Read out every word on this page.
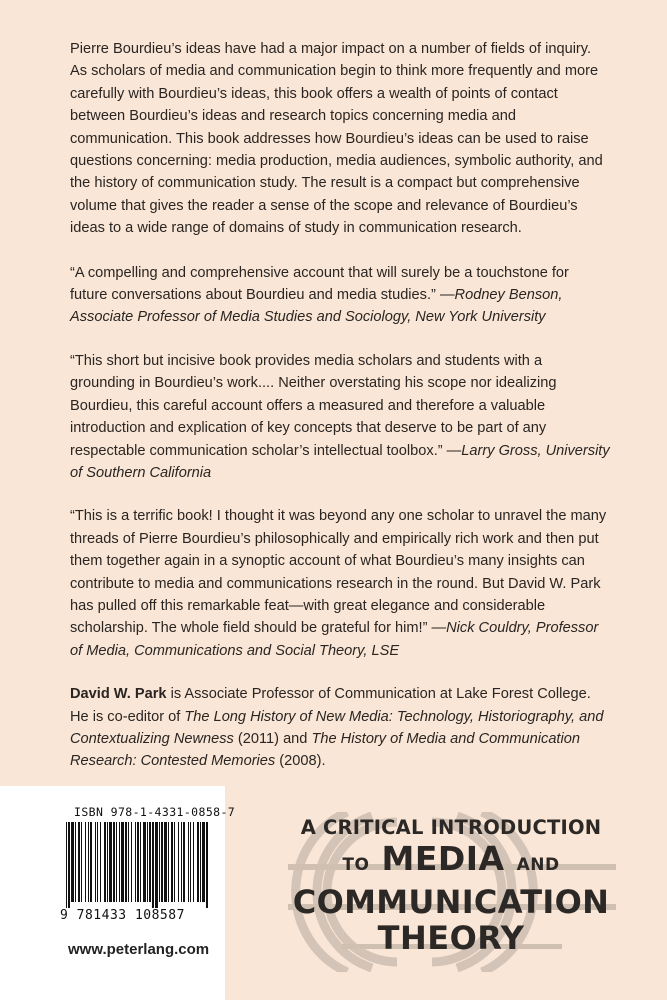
Pierre Bourdieu’s ideas have had a major impact on a number of fields of inquiry. As scholars of media and communication begin to think more frequently and more carefully with Bourdieu’s ideas, this book offers a wealth of points of contact between Bourdieu’s ideas and research topics concerning media and communication. This book addresses how Bourdieu’s ideas can be used to raise questions concerning: media production, media audiences, symbolic authority, and the history of communication study. The result is a compact but comprehensive volume that gives the reader a sense of the scope and relevance of Bourdieu’s ideas to a wide range of domains of study in communication research.

“A compelling and comprehensive account that will surely be a touchstone for future conversations about Bourdieu and media studies.” —Rodney Benson, Associate Professor of Media Studies and Sociology, New York University

“This short but incisive book provides media scholars and students with a grounding in Bourdieu’s work.... Neither overstating his scope nor idealizing Bourdieu, this careful account offers a measured and therefore a valuable introduction and explication of key concepts that deserve to be part of any respectable communication scholar’s intellectual toolbox.” —Larry Gross, University of Southern California

“This is a terrific book! I thought it was beyond any one scholar to unravel the many threads of Pierre Bourdieu’s philosophically and empirically rich work and then put them together again in a synoptic account of what Bourdieu’s many insights can contribute to media and communications research in the round. But David W. Park has pulled off this remarkable feat—with great elegance and considerable scholarship. The whole field should be grateful for him!” —Nick Couldry, Professor of Media, Communications and Social Theory, LSE

David W. Park is Associate Professor of Communication at Lake Forest College. He is co-editor of The Long History of New Media: Technology, Historiography, and Contextualizing Newness (2011) and The History of Media and Communication Research: Contested Memories (2008).

ISBN 978-1-4331-0858-7
9 781433 108587
www.peterlang.com
A CRITICAL INTRODUCTION
TO MEDIA AND
COMMUNICATION
THEORY
